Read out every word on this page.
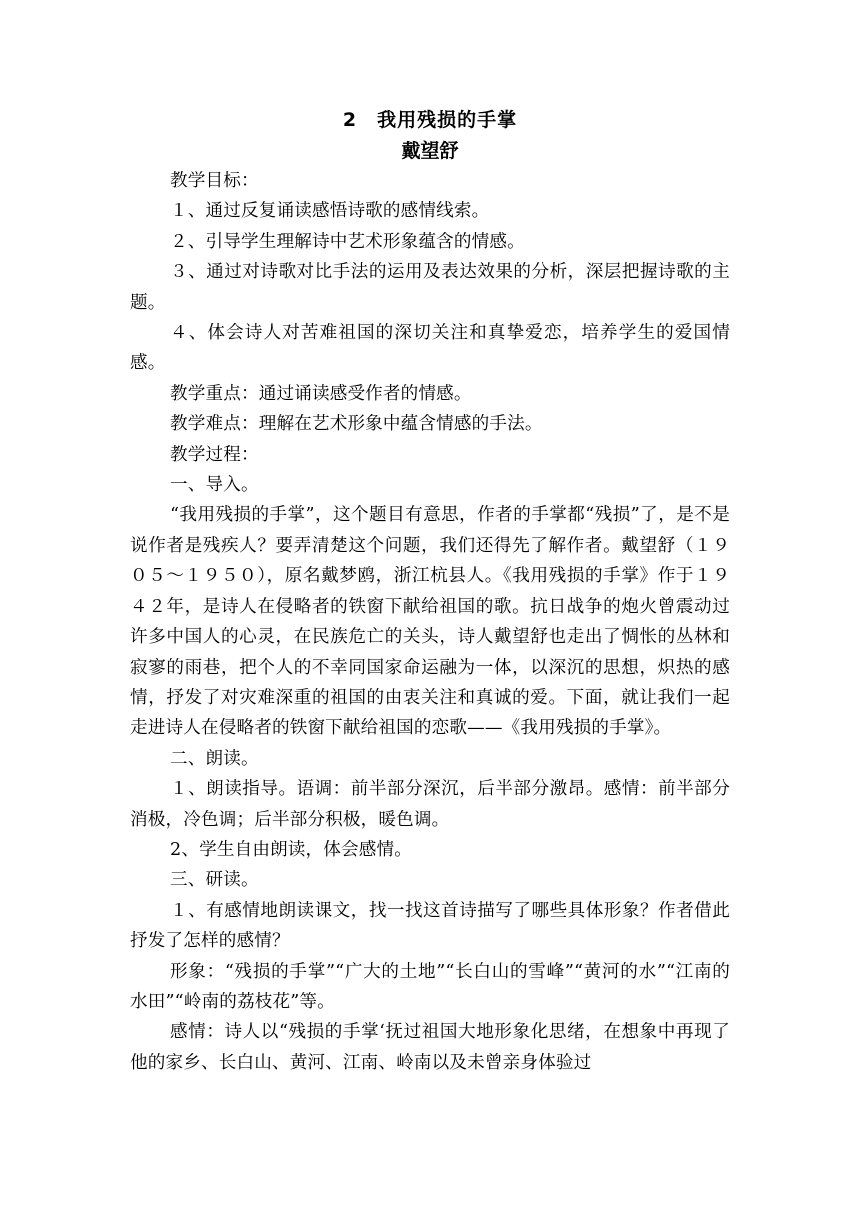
2　我用残损的手掌
戴望舒

教学目标：

１、通过反复诵读感悟诗歌的感情线索。

２、引导学生理解诗中艺术形象蕴含的情感。

３、通过对诗歌对比手法的运用及表达效果的分析，深层把握诗歌的主题。

４、体会诗人对苦难祖国的深切关注和真挚爱恋，培养学生的爱国情感。

教学重点：通过诵读感受作者的情感。

教学难点：理解在艺术形象中蕴含情感的手法。

教学过程：

一、导入。

“我用残损的手掌”，这个题目有意思，作者的手掌都“残损”了，是不是说作者是残疾人？要弄清楚这个问题，我们还得先了解作者。戴望舒（１９０５～１９５０），原名戴梦鸥，浙江杭县人。《我用残损的手掌》作于１９４２年，是诗人在侵略者的铁窗下献给祖国的歌。抗日战争的炮火曾震动过许多中国人的心灵，在民族危亡的关头，诗人戴望舒也走出了惆怅的丛林和寂寥的雨巷，把个人的不幸同国家命运融为一体，以深沉的思想，炽热的感情，抒发了对灾难深重的祖国的由衷关注和真诚的爱。下面，就让我们一起走进诗人在侵略者的铁窗下献给祖国的恋歌——《我用残损的手掌》。

二、朗读。

１、朗读指导。语调：前半部分深沉，后半部分激昂。感情：前半部分消极，冷色调；后半部分积极，暖色调。

2、学生自由朗读，体会感情。

三、研读。

１、有感情地朗读课文，找一找这首诗描写了哪些具体形象？作者借此抒发了怎样的感情？

形象：“残损的手掌”“广大的土地”“长白山的雪峰”“黄河的水”“江南的水田”“岭南的荔枝花”等。

感情：诗人以“残损的手掌‘抚过祖国大地形象化思绪，在想象中再现了他的家乡、长白山、黄河、江南、岭南以及未曾亲身体验过
